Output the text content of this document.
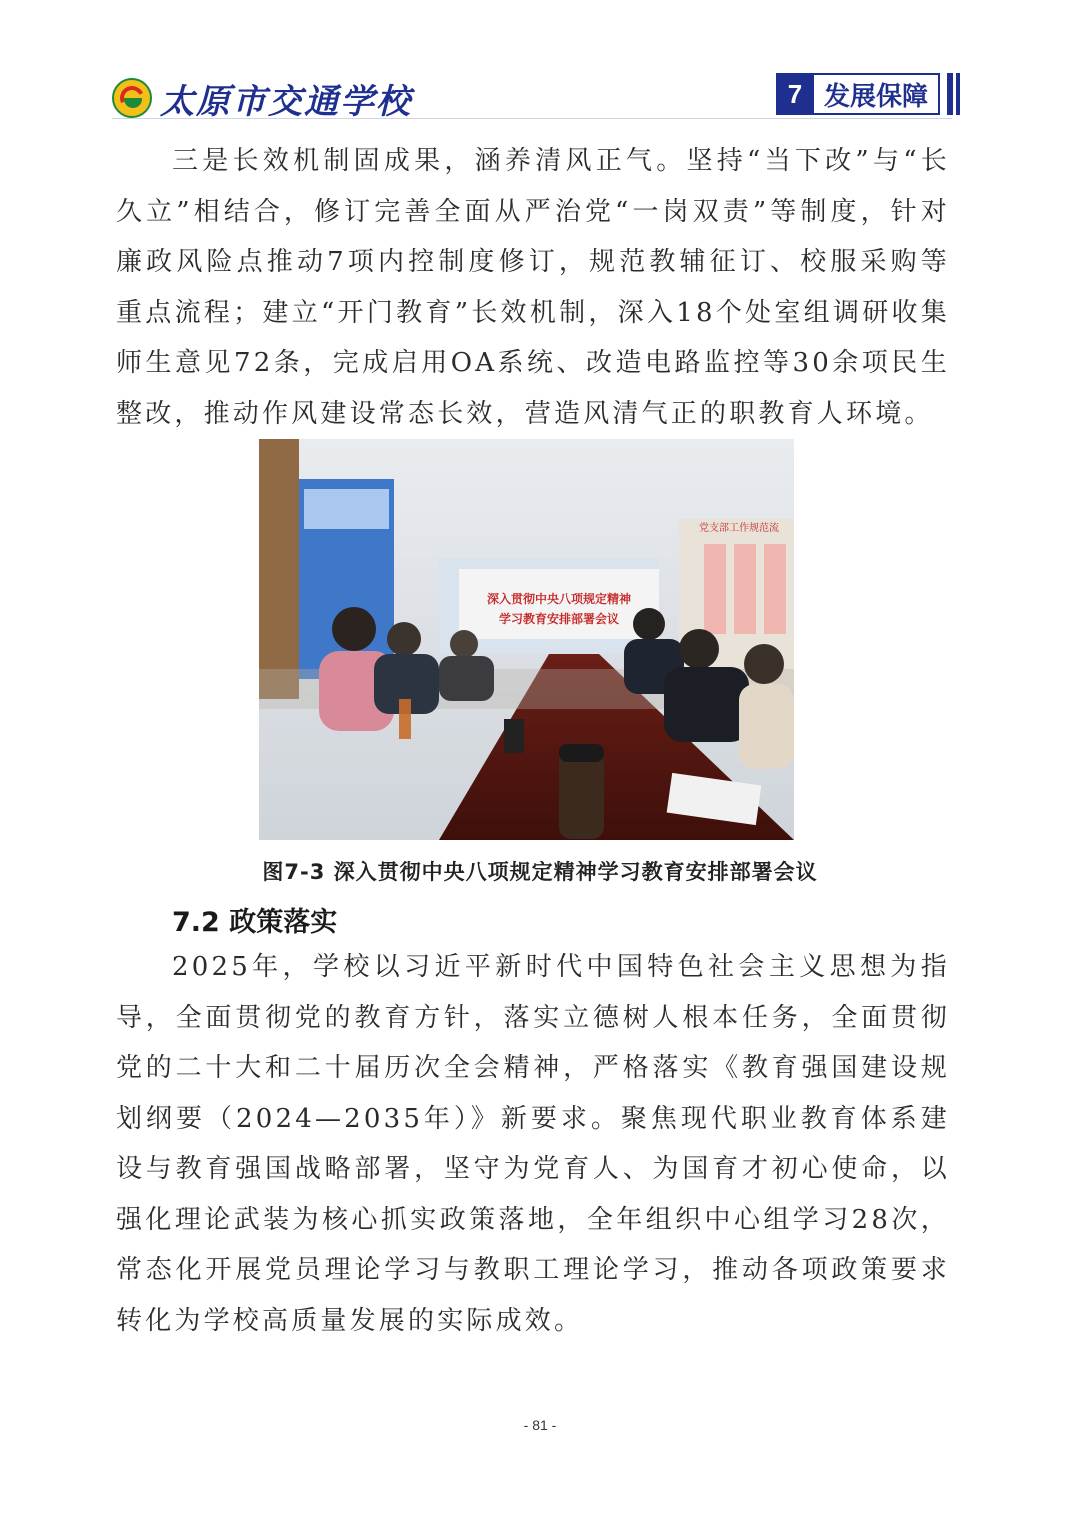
太原市交通学校	7 发展保障

三是长效机制固成果，涵养清风正气。坚持“当下改”与“长久立”相结合，修订完善全面从严治党“一岗双责”等制度，针对廉政风险点推动7项内控制度修订，规范教辅征订、校服采购等重点流程；建立“开门教育”长效机制，深入18个处室组调研收集师生意见72条，完成启用OA系统、改造电路监控等30余项民生整改，推动作风建设常态长效，营造风清气正的职教育人环境。

深入贯彻中央八项规定精神
学习教育安排部署会议
党支部工作规范流
图7-3 深入贯彻中央八项规定精神学习教育安排部署会议
7.2 政策落实

2025年，学校以习近平新时代中国特色社会主义思想为指导，全面贯彻党的教育方针，落实立德树人根本任务，全面贯彻党的二十大和二十届历次全会精神，严格落实《教育强国建设规划纲要（2024—2035年）》新要求。聚焦现代职业教育体系建设与教育强国战略部署，坚守为党育人、为国育才初心使命，以强化理论武装为核心抓实政策落地，全年组织中心组学习28次，常态化开展党员理论学习与教职工理论学习，推动各项政策要求转化为学校高质量发展的实际成效。

- 81 -
